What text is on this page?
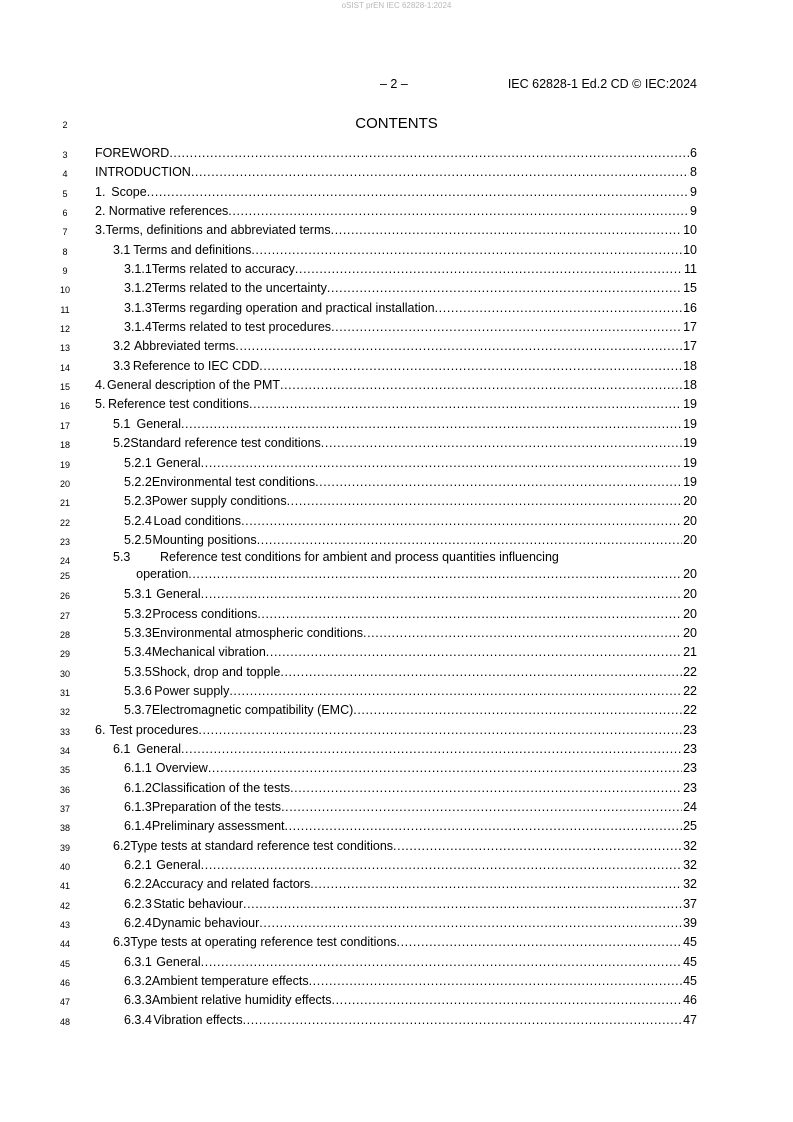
oSIST prEN IEC 62828-1:2024
– 2 –	IEC 62828-1 Ed.2 CD © IEC:2024
2	CONTENTS
3	FOREWORD .....	6
4	INTRODUCTION .....	8
5	1. Scope .....	9
6	2. Normative references .....	9
7	3. Terms, definitions and abbreviated terms .....	10
8	3.1 Terms and definitions .....	10
9	3.1.1 Terms related to accuracy .....	11
10	3.1.2 Terms related to the uncertainty .....	15
11	3.1.3 Terms regarding operation and practical installation .....	16
12	3.1.4 Terms related to test procedures .....	17
13	3.2 Abbreviated terms .....	17
14	3.3 Reference to IEC CDD .....	18
15	4. General description of the PMT .....	18
16	5. Reference test conditions .....	19
17	5.1 General .....	19
18	5.2 Standard reference test conditions .....	19
19	5.2.1 General .....	19
20	5.2.2 Environmental test conditions .....	19
21	5.2.3 Power supply conditions .....	20
22	5.2.4 Load conditions .....	20
23	5.2.5 Mounting positions .....	20
24
25
5.3	Reference test conditions for ambient and process quantities influencing
operation .....	20
26	5.3.1 General .....	20
27	5.3.2 Process conditions .....	20
28	5.3.3 Environmental atmospheric conditions .....	20
29	5.3.4 Mechanical vibration .....	21
30	5.3.5 Shock, drop and topple .....	22
31	5.3.6 Power supply .....	22
32	5.3.7 Electromagnetic compatibility (EMC) .....	22
33	6. Test procedures .....	23
34	6.1 General .....	23
35	6.1.1 Overview .....	23
36	6.1.2 Classification of the tests .....	23
37	6.1.3 Preparation of the tests .....	24
38	6.1.4 Preliminary assessment .....	25
39	6.2 Type tests at standard reference test conditions .....	32
40	6.2.1 General .....	32
41	6.2.2 Accuracy and related factors .....	32
42	6.2.3 Static behaviour .....	37
43	6.2.4 Dynamic behaviour .....	39
44	6.3 Type tests at operating reference test conditions .....	45
45	6.3.1 General .....	45
46	6.3.2 Ambient temperature effects .....	45
47	6.3.3 Ambient relative humidity effects .....	46
48	6.3.4 Vibration effects .....	47
